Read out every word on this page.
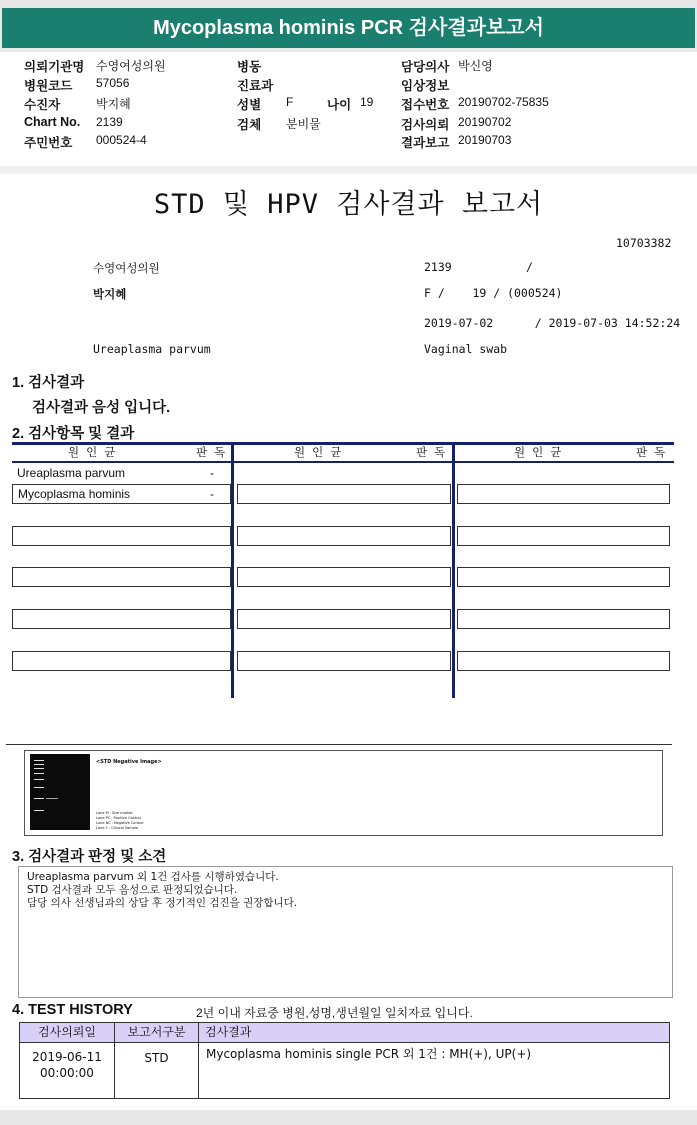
Mycoplasma hominis PCR 검사결과보고서
의뢰기관명 수영여성의원
병원코드 57056
수진자	박지혜
Chart No. 2139
주민번호 000524-4
병동
진료과
성별 F	나이 19
검체 분비물
담당의사 박신영
임상정보
접수번호 20190702-75835
검사의뢰 20190702
결과보고 20190703
STD 및 HPV 검사결과 보고서
10703382
수영여성의원	2139	/
박지혜	F /    19 / (000524)
2019-07-02      / 2019-07-03 14:52:24
Ureaplasma parvum	Vaginal swab
1. 검사결과
검사결과 음성 입니다.
2. 검사항목 및 결과
원인균	판독	원인균	판독	원인균	판독
Ureaplasma parvum	-
Mycoplasma hominis	-
<STD Negative Image>
Lane M : Size marker
Lane PC : Positive Control
Lane NC : Negative Control
Lane 1 : Clinical Sample
3. 검사결과 판정 및 소견
Ureaplasma parvum 외 1건 검사를 시행하였습니다.
STD 검사결과 모두 음성으로 판정되었습니다.
담당 의사 선생님과의 상담 후 정기적인 검진을 권장합니다.
4. TEST HISTORY	2년 이내 자료중 병원,성명,생년월일 일치자료 입니다.
검사의뢰일	보고서구분	검사결과
2019-06-11
00:00:00
STD	Mycoplasma hominis single PCR 외 1건 : MH(+), UP(+)
